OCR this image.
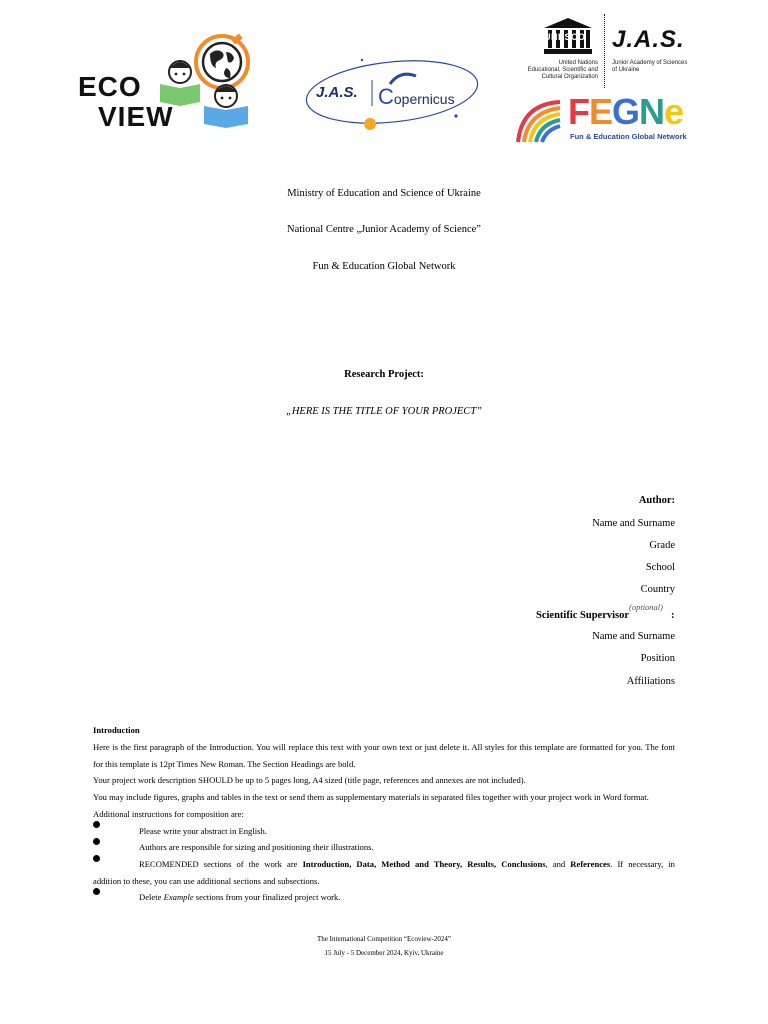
ECO
VIEW
J.A.S. Copernicus
UNESCO
United Nations
Educational, Scientific and
Cultural Organization
J.A.S.
Junior Academy of Sciences
of Ukraine
FEGNe
Fun & Education Global Network
Ministry of Education and Science of Ukraine
National Centre „Junior Academy of Science”
Fun & Education Global Network
Research Project:
„HERE IS THE TITLE OF YOUR PROJECT”
Author:
Name and Surname
Grade
School
Country
(optional)
Scientific Supervisor	:
Name and Surname
Position
Affiliations
Introduction
Here is the first paragraph of the Introduction. You will replace this text with your own text or just delete it. All styles for this template are formatted for you. The font for this template is 12pt Times New Roman. The Section Headings are bold.
Your project work description SHOULD be up to 5 pages long, A4 sized (title page, references and annexes are not included).
You may include figures, graphs and tables in the text or send them as supplementary materials in separated files together with your project work in Word format.
Additional instructions for composition are:
Please write your abstract in English.
Authors are responsible for sizing and positioning their illustrations.
RECOMENDED sections of the work are Introduction, Data, Method and Theory, Results, Conclusions, and References. If necessary, in
addition to these, you can use additional sections and subsections.
Delete Example sections from your finalized project work.
The International Competition “Ecoview-2024”
15 July - 5 December 2024, Kyiv, Ukraine
